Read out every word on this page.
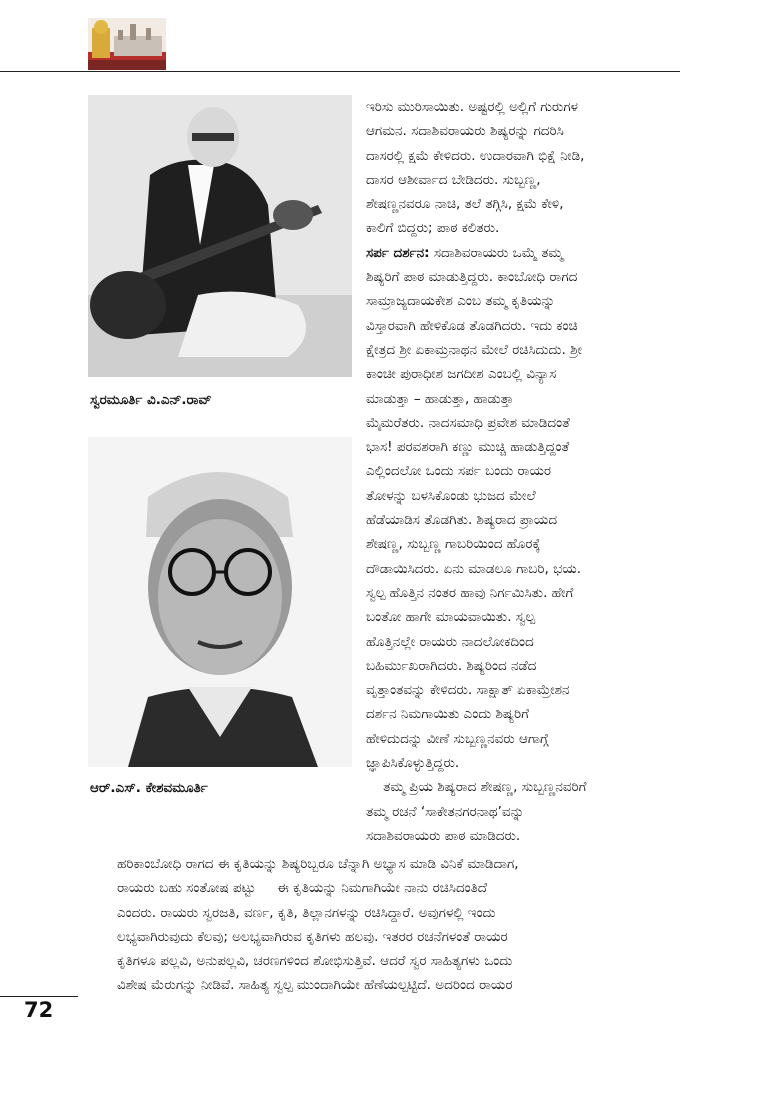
ಸ್ವರಮೂರ್ತಿ ವಿ.ಎನ್.ರಾವ್
ಆರ್.ಎಸ್. ಕೇಶವಮೂರ್ತಿ
ಇರಿಸು ಮುರಿಸಾಯಿತು. ಅಷ್ಟರಲ್ಲಿ ಅಲ್ಲಿಗೆ ಗುರುಗಳ
ಆಗಮನ. ಸದಾಶಿವರಾಯರು ಶಿಷ್ಯರನ್ನು ಗದರಿಸಿ
ದಾಸರಲ್ಲಿ ಕ್ಷಮೆ ಕೇಳಿದರು. ಉದಾರವಾಗಿ ಭಿಕ್ಷೆ ನೀಡಿ,
ದಾಸರ ಆಶೀರ್ವಾದ ಬೇಡಿದರು. ಸುಬ್ಬಣ್ಣ,
ಶೇಷಣ್ಣನವರೂ ನಾಚಿ, ತಲೆ ತಗ್ಗಿಸಿ, ಕ್ಷಮೆ ಕೇಳಿ,
ಕಾಲಿಗೆ ಬಿದ್ದರು; ಪಾಠ ಕಲಿತರು.
ಸರ್ಪ ದರ್ಶನ: ಸದಾಶಿವರಾಯರು ಒಮ್ಮೆ ತಮ್ಮ
ಶಿಷ್ಯರಿಗೆ ಪಾಠ ಮಾಡುತ್ತಿದ್ದರು. ಕಾಂಬೋಧಿ ರಾಗದ
ಸಾಮ್ರಾಜ್ಯದಾಯಕೇಶ ಎಂಬ ತಮ್ಮ ಕೃತಿಯನ್ನು
ವಿಸ್ತಾರವಾಗಿ ಹೇಳಿಕೊಡ ತೊಡಗಿದರು. ಇದು ಕಂಚಿ
ಕ್ಷೇತ್ರದ ಶ್ರೀ ಏಕಾಮ್ರನಾಥನ ಮೇಲೆ ರಚಿಸಿದುದು. ಶ್ರೀ
ಕಾಂಚೀ ಪುರಾಧೀಶ ಜಗದೀಶ ಎಂಬಲ್ಲಿ ವಿನ್ಯಾಸ
ಮಾಡುತ್ತಾ – ಹಾಡುತ್ತಾ, ಹಾಡುತ್ತಾ
ಮೈಮರೆತರು. ನಾದಸಮಾಧಿ ಪ್ರವೇಶ ಮಾಡಿದಂತೆ
ಭಾಸ! ಪರವಶರಾಗಿ ಕಣ್ಣು ಮುಚ್ಚಿ ಹಾಡುತ್ತಿದ್ದಂತೆ
ಎಲ್ಲಿಂದಲೋ ಒಂದು ಸರ್ಪ ಬಂದು ರಾಯರ
ತೋಳನ್ನು ಬಳಸಿಕೊಂಡು ಭುಜದ ಮೇಲೆ
ಹೆಡೆಯಾಡಿಸ ತೊಡಗಿತು. ಶಿಷ್ಯರಾದ ಪ್ರಾಯದ
ಶೇಷಣ್ಣ, ಸುಬ್ಬಣ್ಣ ಗಾಬರಿಯಿಂದ ಹೊರಕ್ಕೆ
ದೌಡಾಯಿಸಿದರು. ಏನು ಮಾಡಲೂ ಗಾಬರಿ, ಭಯ.
ಸ್ವಲ್ಪ ಹೊತ್ತಿನ ನಂತರ ಹಾವು ನಿರ್ಗಮಿಸಿತು. ಹೇಗೆ
ಬಂತೋ ಹಾಗೇ ಮಾಯವಾಯಿತು. ಸ್ವಲ್ಪ
ಹೊತ್ತಿನಲ್ಲೇ ರಾಯರು ನಾದಲೋಕದಿಂದ
ಬಹಿರ್ಮುಖರಾಗಿದರು. ಶಿಷ್ಯರಿಂದ ನಡೆದ
ವೃತ್ತಾಂತವನ್ನು ಕೇಳಿದರು. ಸಾಕ್ಷಾತ್ ಏಕಾಮ್ರೇಶನ
ದರ್ಶನ ನಿಮಗಾಯಿತು ಎಂದು ಶಿಷ್ಯರಿಗೆ
ಹೇಳಿದುದನ್ನು ವೀಣೆ ಸುಬ್ಬಣ್ಣನವರು ಆಗಾಗ್ಗೆ
ಜ್ಞಾಪಿಸಿಕೊಳ್ಳುತ್ತಿದ್ದರು.
ತಮ್ಮ ಪ್ರಿಯ ಶಿಷ್ಯರಾದ ಶೇಷಣ್ಣ, ಸುಬ್ಬಣ್ಣನವರಿಗೆ
ತಮ್ಮ ರಚನೆ ‘ಸಾಕೇತನಗರನಾಥ’ವನ್ನು
ಸದಾಶಿವರಾಯರು ಪಾಠ ಮಾಡಿದರು.
ಹರಿಕಾಂಬೋಧಿ ರಾಗದ ಈ ಕೃತಿಯನ್ನು ಶಿಷ್ಯರಿಬ್ಬರೂ ಚೆನ್ನಾಗಿ ಅಭ್ಯಾಸ ಮಾಡಿ ವಿನಿಕೆ ಮಾಡಿದಾಗ,
ರಾಯರು ಬಹು ಸಂತೋಷ ಪಟ್ಟು     ಈ ಕೃತಿಯನ್ನು ನಿಮಗಾಗಿಯೇ ನಾನು ರಚಿಸಿದಂತಿದೆ
ಎಂದರು. ರಾಯರು ಸ್ವರಜತಿ, ವರ್ಣ, ಕೃತಿ, ತಿಲ್ಲಾನಗಳನ್ನು ರಚಿಸಿದ್ದಾರೆ. ಅವುಗಳಲ್ಲಿ ಇಂದು
ಲಭ್ಯವಾಗಿರುವುದು ಕೆಲವು; ಅಲಭ್ಯವಾಗಿರುವ ಕೃತಿಗಳು ಹಲವು. ಇತರರ ರಚನೆಗಳಂತೆ ರಾಯರ
ಕೃತಿಗಳೂ ಪಲ್ಲವಿ, ಅನುಪಲ್ಲವಿ, ಚರಣಗಳಿಂದ ಶೋಭಿಸುತ್ತಿವೆ. ಆದರೆ ಸ್ವರ ಸಾಹಿತ್ಯಗಳು ಒಂದು
ವಿಶೇಷ ಮೆರುಗನ್ನು ನೀಡಿವೆ. ಸಾಹಿತ್ಯ ಸ್ವಲ್ಪ ಮುಂದಾಗಿಯೇ ಹೆಣೆಯಲ್ಪಟ್ಟಿದೆ. ಅದರಿಂದ ರಾಯರ
72
